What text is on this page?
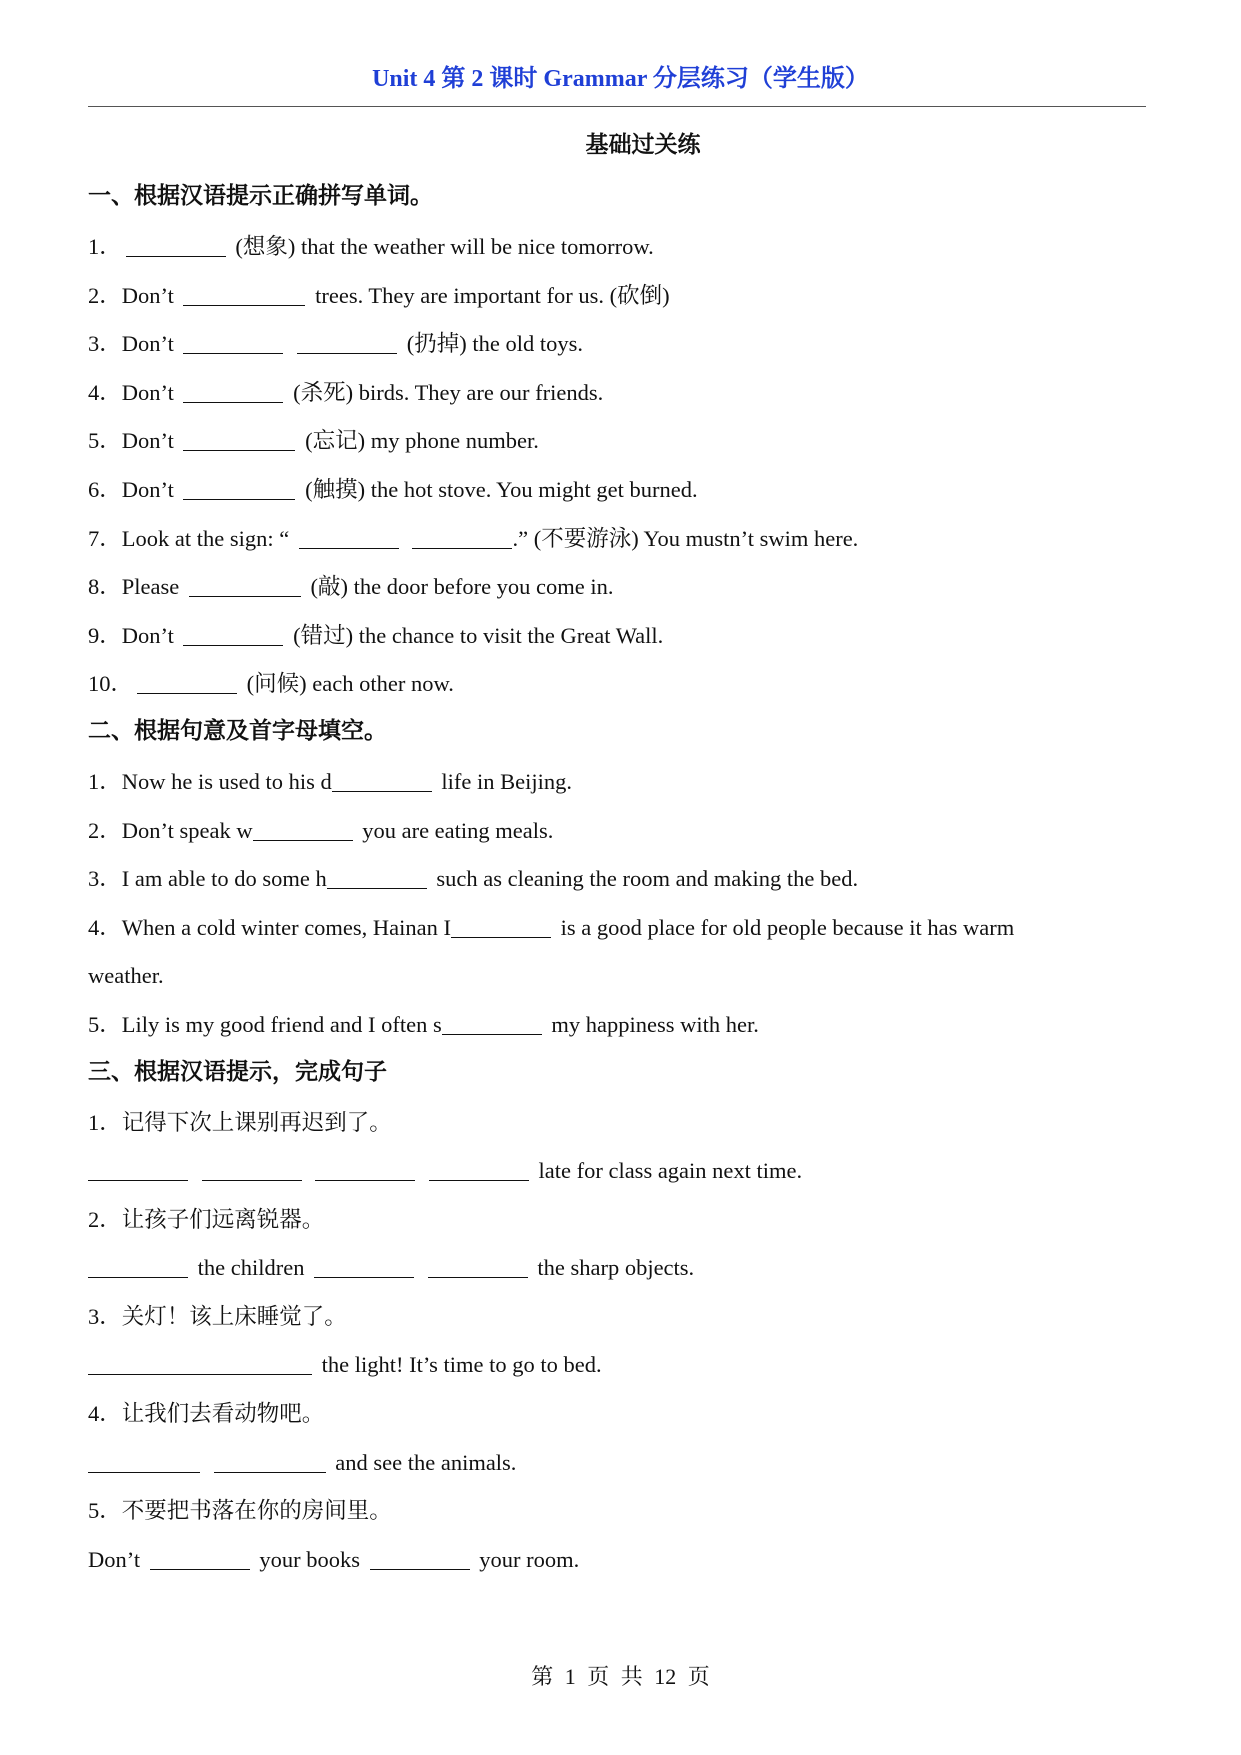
Unit 4 第 2 课时 Grammar 分层练习（学生版）
基础过关练
一、根据汉语提示正确拼写单词。
1．	(想象) that the weather will be nice tomorrow.
2．Don’t	trees. They are important for us. (砍倒)
3．Don’t	(扔掉) the old toys.
4．Don’t	(杀死) birds. They are our friends.
5．Don’t	(忘记) my phone number.
6．Don’t	(触摸) the hot stove. You might get burned.
7．Look at the sign: “	.” (不要游泳) You mustn’t swim here.
8．Please	(敲) the door before you come in.
9．Don’t	(错过) the chance to visit the Great Wall.
10．	(问候) each other now.
二、根据句意及首字母填空。
1．Now he is used to his d	life in Beijing.
2．Don’t speak w	you are eating meals.
3．I am able to do some h	such as cleaning the room and making the bed.
4．When a cold winter comes, Hainan I	is a good place for old people because it has warm
weather.
5．Lily is my good friend and I often s	my happiness with her.
三、根据汉语提示，完成句子
1．记得下次上课别再迟到了。
late for class again next time.
2．让孩子们远离锐器。
the children	the sharp objects.
3．关灯！该上床睡觉了。
the light! It’s time to go to bed.
4．让我们去看动物吧。
and see the animals.
5．不要把书落在你的房间里。
Don’t	your books	your room.
第 1 页 共 12 页
